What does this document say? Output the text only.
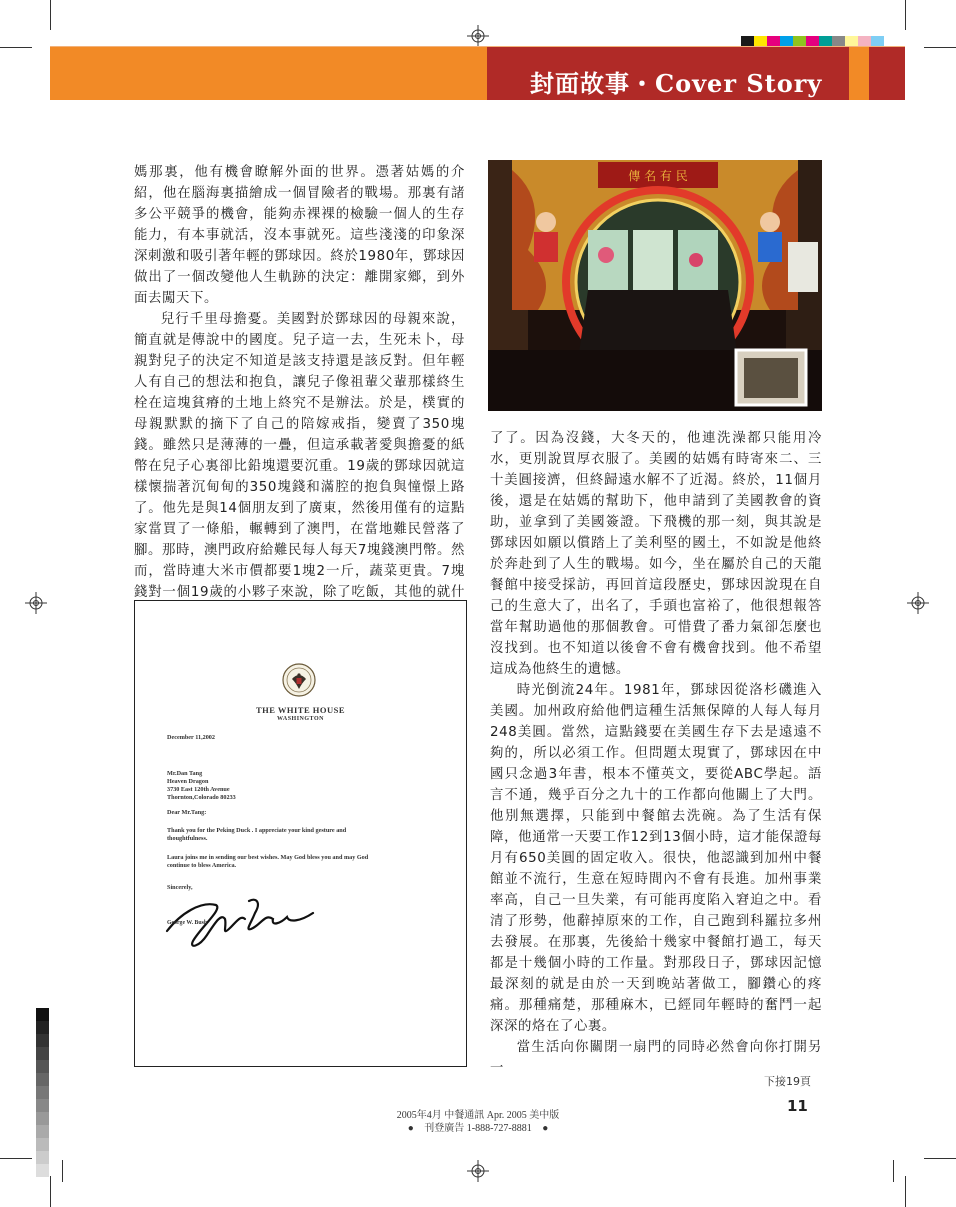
封面故事・Cover Story

媽那裏，他有機會瞭解外面的世界。憑著姑媽的介紹，他在腦海裏描繪成一個冒險者的戰場。那裏有諸多公平競爭的機會，能夠赤裸裸的檢驗一個人的生存能力，有本事就活，沒本事就死。這些淺淺的印象深深刺激和吸引著年輕的鄧球因。終於1980年，鄧球因做出了一個改變他人生軌跡的決定：離開家鄉，到外面去闖天下。

兒行千里母擔憂。美國對於鄧球因的母親來說，簡直就是傳說中的國度。兒子這一去，生死未卜，母親對兒子的決定不知道是該支持還是該反對。但年輕人有自己的想法和抱負，讓兒子像祖輩父輩那樣終生栓在這塊貧瘠的土地上終究不是辦法。於是，樸實的母親默默的摘下了自己的陪嫁戒指，變賣了350塊錢。雖然只是薄薄的一疊，但這承載著愛與擔憂的紙幣在兒子心裏卻比鉛塊還要沉重。19歲的鄧球因就這樣懷揣著沉甸甸的350塊錢和滿腔的抱負與憧憬上路了。他先是與14個朋友到了廣東，然後用僅有的這點家當買了一條船，輾轉到了澳門，在當地難民營落了腳。那時，澳門政府給難民每人每天7塊錢澳門幣。然而，當時連大米市價都要1塊2一斤，蔬菜更貴。7塊錢對一個19歲的小夥子來說，除了吃飯，其他的就什

傳 名 有 民

了了。因為沒錢，大冬天的，他連洗澡都只能用冷水，更別說買厚衣服了。美國的姑媽有時寄來二、三十美圓接濟，但終歸遠水解不了近渴。終於，11個月後，還是在姑媽的幫助下，他申請到了美國教會的資助，並拿到了美國簽證。下飛機的那一刻，與其說是鄧球因如願以償踏上了美利堅的國土，不如說是他終於奔赴到了人生的戰場。如今，坐在屬於自己的天龍餐館中接受採訪，再回首這段歷史，鄧球因說現在自己的生意大了，出名了，手頭也富裕了，他很想報答當年幫助過他的那個教會。可惜費了番力氣卻怎麼也沒找到。也不知道以後會不會有機會找到。他不希望這成為他終生的遺憾。

時光倒流24年。1981年，鄧球因從洛杉磯進入美國。加州政府給他們這種生活無保障的人每人每月248美圓。當然，這點錢要在美國生存下去是遠遠不夠的，所以必須工作。但問題太現實了，鄧球因在中國只念過3年書，根本不懂英文，要從ABC學起。語言不通，幾乎百分之九十的工作都向他關上了大門。他別無選擇，只能到中餐館去洗碗。為了生活有保障，他通常一天要工作12到13個小時，這才能保證每月有650美圓的固定收入。很快，他認識到加州中餐館並不流行，生意在短時間內不會有長進。加州事業率高，自己一旦失業，有可能再度陷入窘迫之中。看清了形勢，他辭掉原來的工作，自己跑到科羅拉多州去發展。在那裏，先後給十幾家中餐館打過工，每天都是十幾個小時的工作量。對那段日子，鄧球因記憶最深刻的就是由於一天到晚站著做工，腳鑽心的疼痛。那種痛楚，那種麻木，已經同年輕時的奮鬥一起深深的烙在了心裏。

當生活向你關閉一扇門的同時必然會向你打開另一

THE WHITE HOUSE
WASHINGTON
December 11,2002
Mr.Dan Tang
Heaven Dragon
3730 East 120th Avenue
Thornton,Colorado 80233
Dear Mr.Tang:
Thank you for the Peking Duck . I appreciate your kind gesture and thoughtfulness.
Laura joins me in sending our best wishes. May God bless you and may God continue to bless America.
Sincerely,
George W. Bush
下接19頁
11
2005年4月 中餐通訊 Apr. 2005 美中版
● 刊登廣告 1-888-727-8881 ●
